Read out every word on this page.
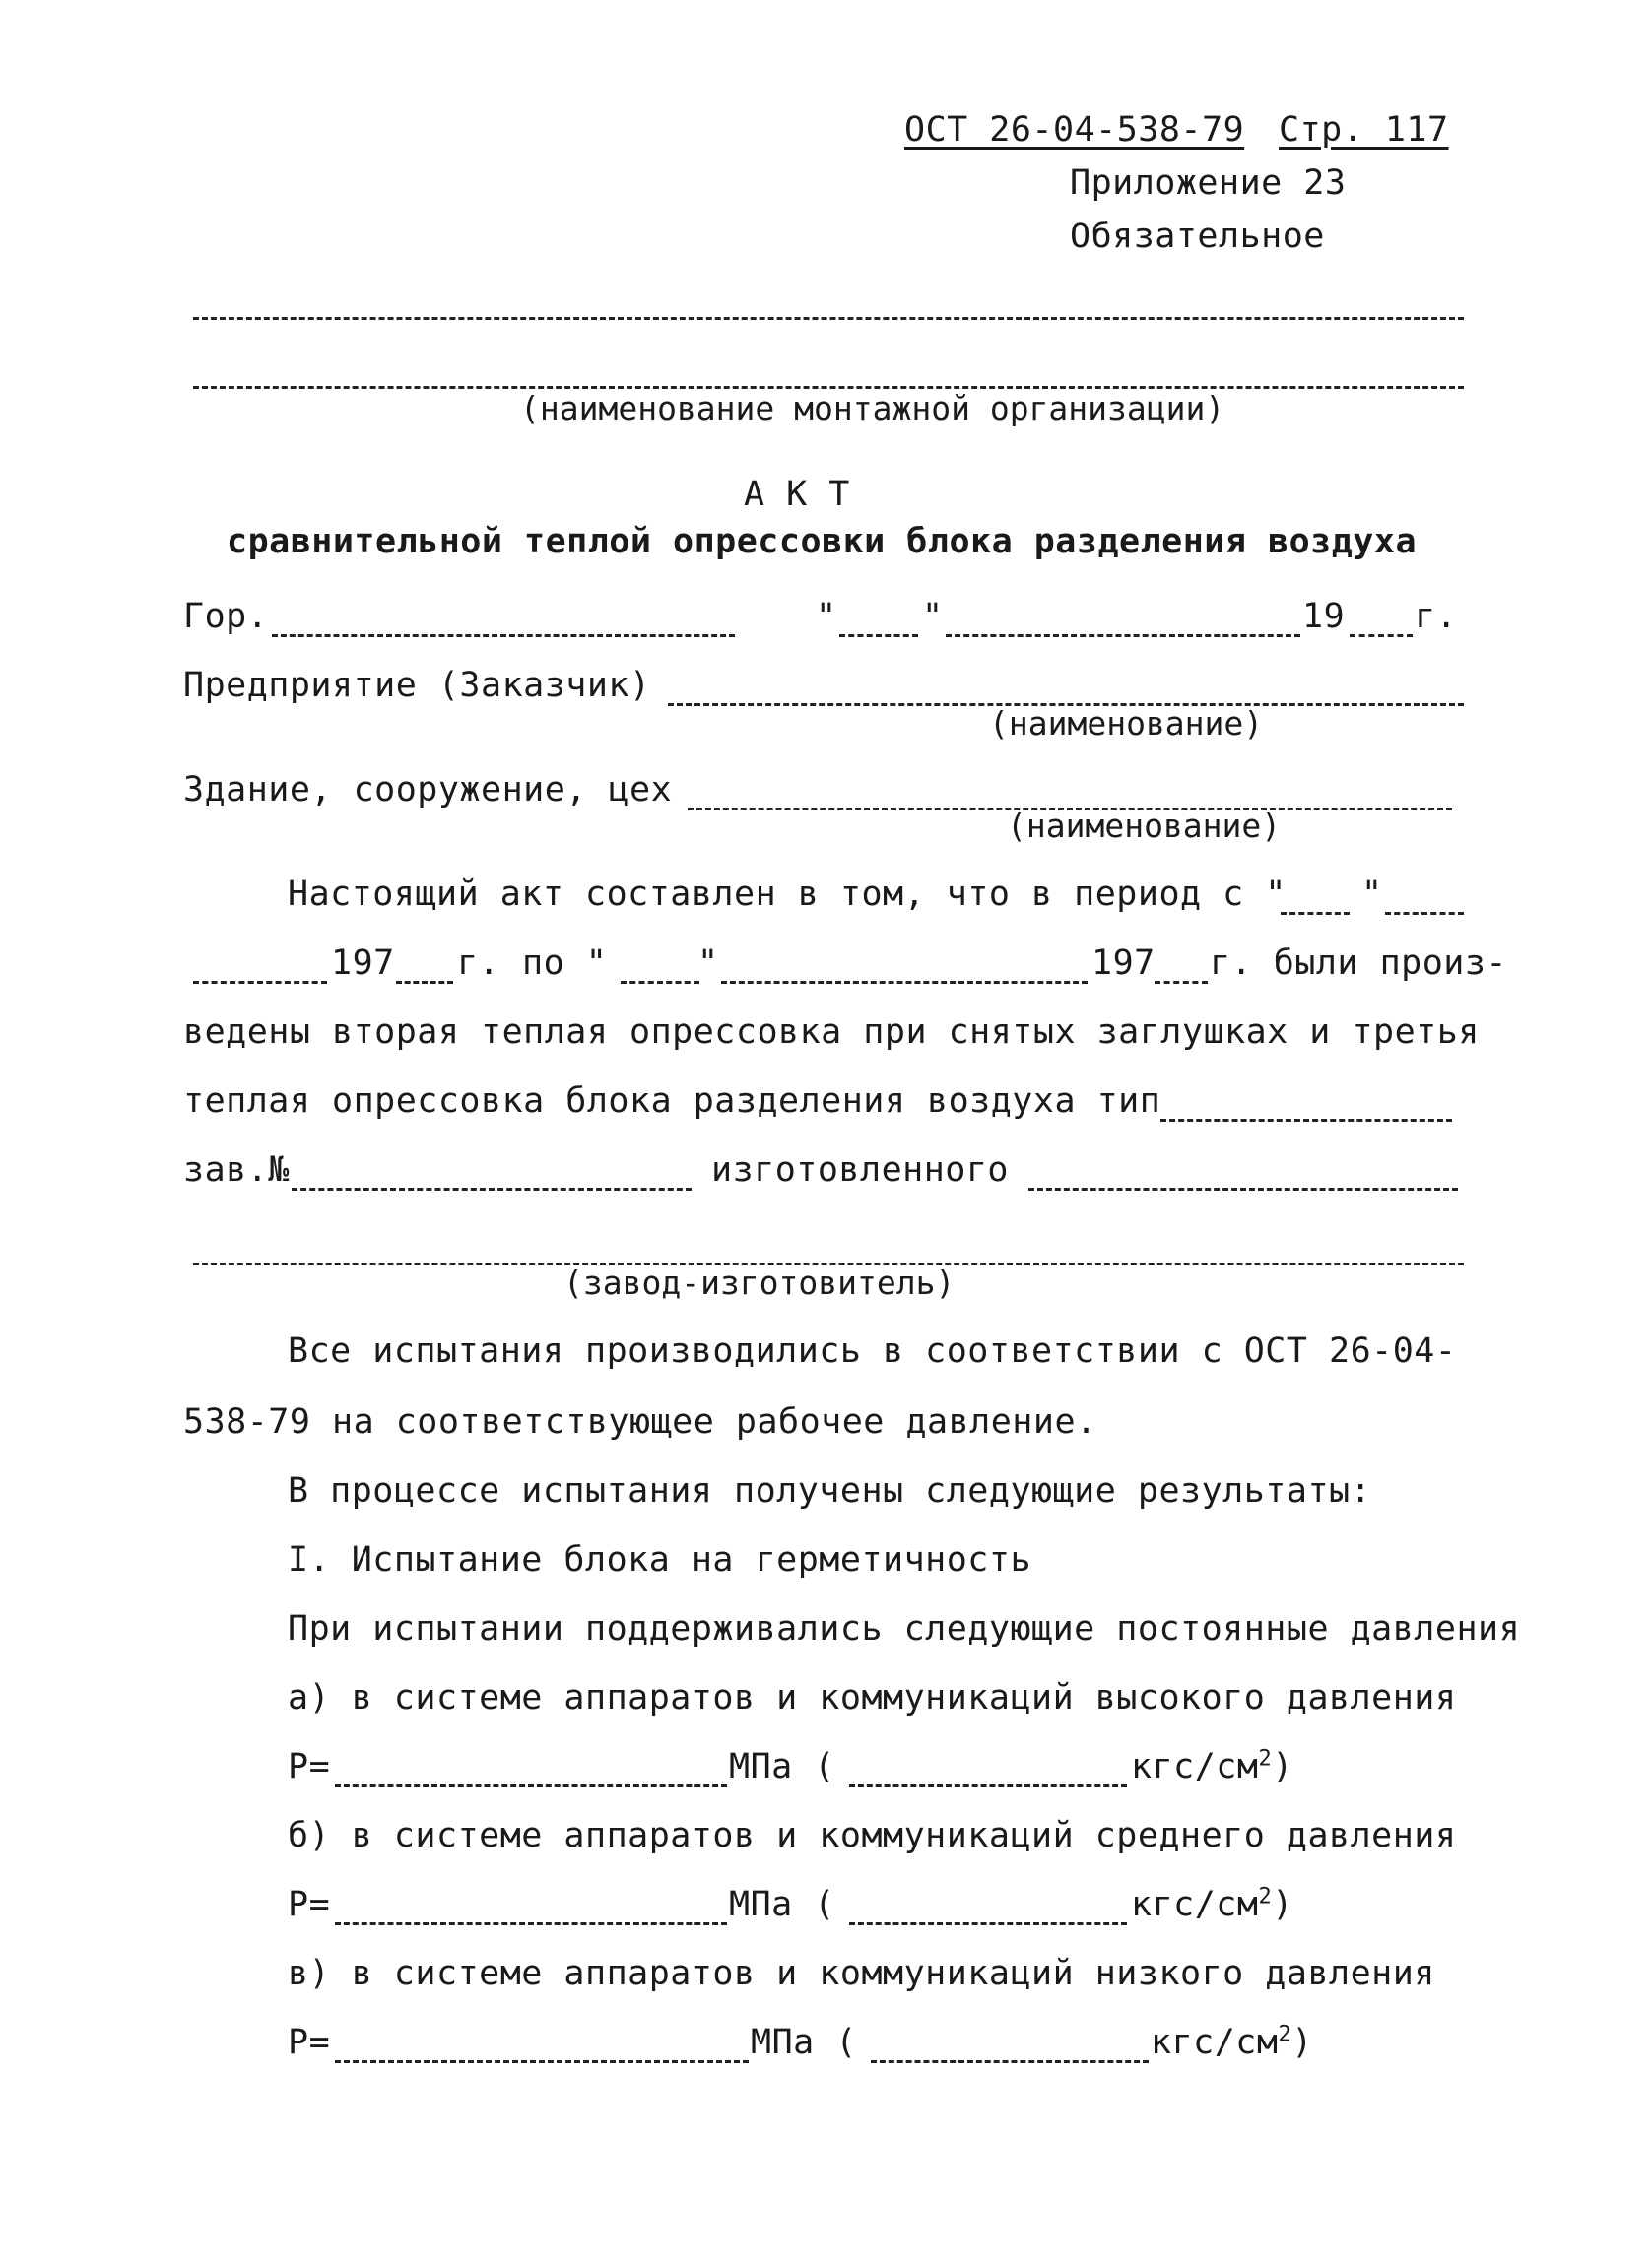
ОСТ 26-04-538-79 Стр. 117
Приложение 23
Обязательное
(наименование монтажной организации)
А К Т
сравнительной теплой опрессовки блока разделения воздуха
Гор.	" "	19 г.
Предприятие (Заказчик)
(наименование)
Здание, сооружение, цех
(наименование)
Настоящий акт составлен в том, что в период с " "
197 г. по "	"	197 г. были произ-
ведены вторая теплая опрессовка при снятых заглушках и третья
теплая опрессовка блока разделения воздуха тип
зав.№	изготовленного
(завод-изготовитель)
Все испытания производились в соответствии с ОСТ 26-04-
538-79 на соответствующее рабочее давление.
В процессе испытания получены следующие результаты:
I. Испытание блока на герметичность
При испытании поддерживались следующие постоянные давления
а) в системе аппаратов и коммуникаций высокого давления
Р=	МПа (	кгс/$см^2$)
б) в системе аппаратов и коммуникаций среднего давления
Р=	МПа (	кгс/$см^2$)
в) в системе аппаратов и коммуникаций низкого давления
Р=	МПа (	кгс/$см^2$)
